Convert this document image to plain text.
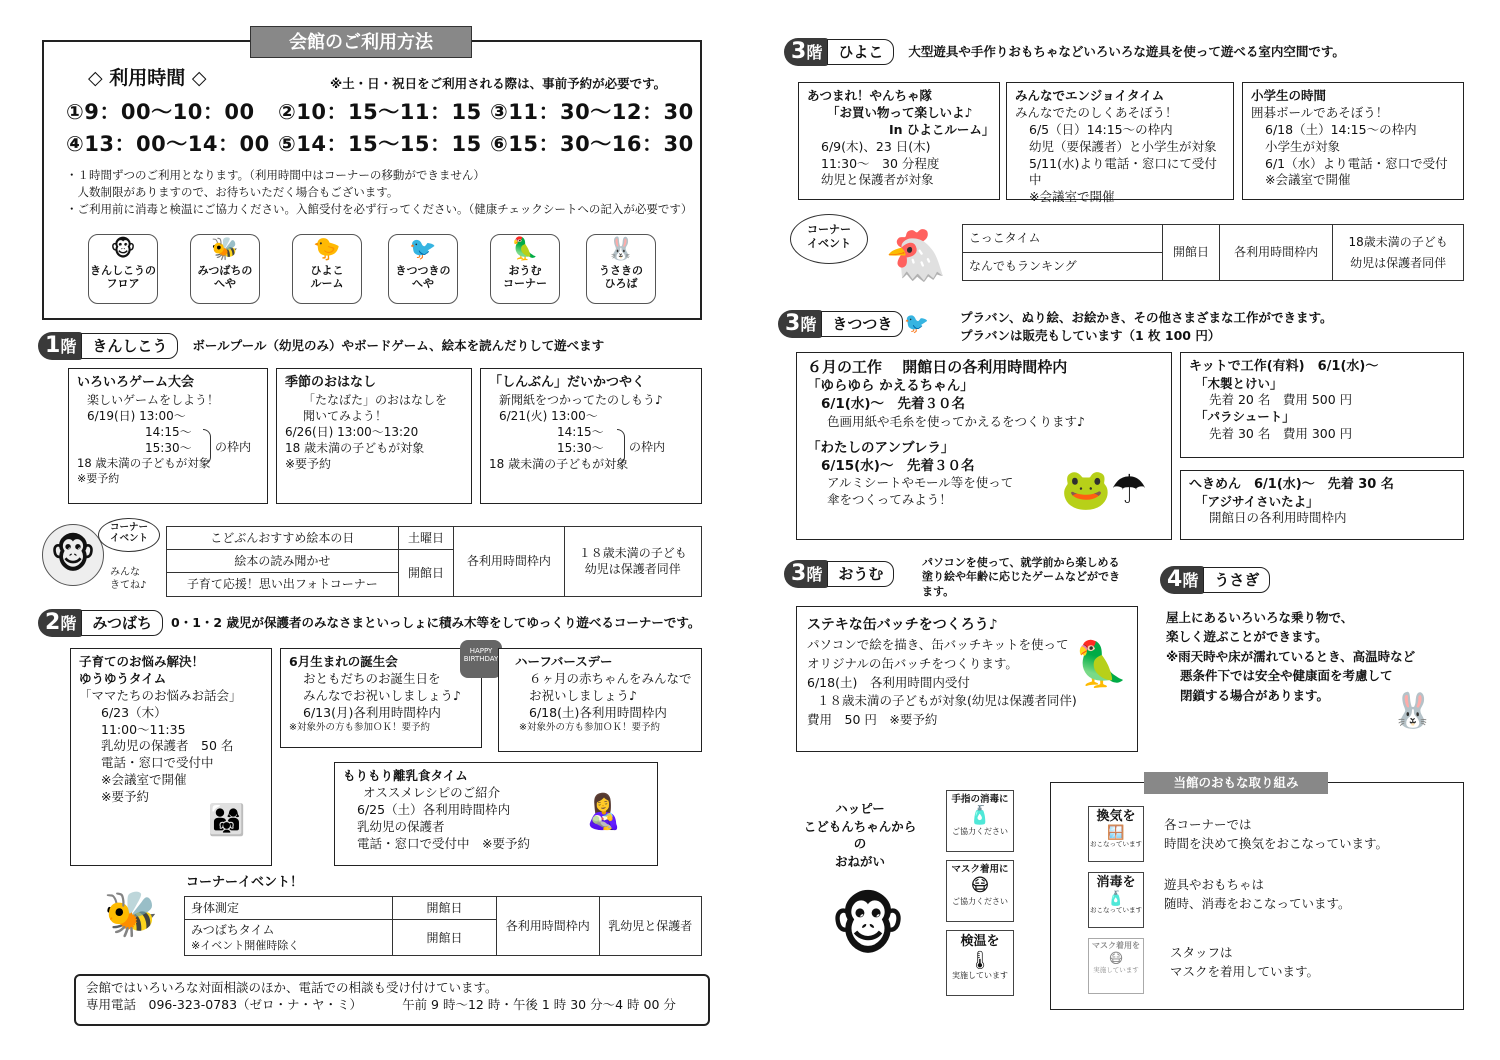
会館のご利用方法
◇ 利用時間 ◇	※土・日・祝日をご利用される際は、事前予約が必要です。
①9：00〜10：00 ②10：15〜11：15 ③11：30〜12：30
④13：00〜14：00 ⑤14：15〜15：15 ⑥15：30〜16：30
・１時間ずつのご利用となります。（利用時間中はコーナーの移動ができません）
　人数制限がありますので、お待ちいただく場合もございます。
・ご利用前に消毒と検温にご協力ください。入館受付を必ず行ってください。（健康チェックシートへの記入が必要です）
🐵
きんしこうの
フロア
🐝
みつばちの
へや
🐤
ひよこ
ルーム
🐦
きつつきの
へや
🦜
おうむ
コーナー
🐰
うさきの
ひろば
1階	きんしこう	ボールプール（幼児のみ）やボードゲーム、絵本を読んだりして遊べます
いろいろゲーム大会
楽しいゲームをしよう！
6/19(日) 13:00〜
14:15〜
15:30〜
18 歳未満の子どもが対象
※要予約
の枠内
季節のおはなし
「たなばた」のおはなしを
聞いてみよう！
6/26(日) 13:00〜13:20
18 歳未満の子どもが対象
※要予約
「しんぶん」だいかつやく
新聞紙をつかってたのしもう♪
6/21(火) 13:00〜
14:15〜
15:30〜
18 歳未満の子どもが対象
の枠内
🐵
コーナー
イベント
みんな
きてね♪
こどぶんおすすめ絵本の日	土曜日	各利用時間枠内	１８歳未満の子ども
幼児は保護者同伴
絵本の読み聞かせ	開館日		
子育て応援！思い出フォトコーナー			
2階	みつばち	0・1・2 歳児が保護者のみなさまといっしょに積み木等をしてゆっくり遊べるコーナーです。
子育てのお悩み解決！
ゆうゆうタイム
「ママたちのお悩みお話会」
6/23（木）
11:00〜11:35
乳幼児の保護者　50 名
電話・窓口で受付中
※会議室で開催
※要予約
👨‍👩‍👧
6月生まれの誕生会
おともだちのお誕生日を
みんなでお祝いしましょう♪
6/13(月)各利用時間枠内
※対象外の方も参加ＯＫ！要予約
HAPPY BIRTHDAY	ハーフバースデー
６ヶ月の赤ちゃんをみんなで
お祝いしましょう♪
6/18(土)各利用時間枠内
※対象外の方も参加ＯＫ！要予約
もりもり離乳食タイム
オススメレシピのご紹介
6/25（土）各利用時間枠内
乳幼児の保護者
電話・窓口で受付中　※要予約
👩‍🍼
🐝
コーナーイベント！
身体測定	開館日	各利用時間枠内	乳幼児と保護者
みつばちタイム
※イベント開催時除く	開館日		
会館ではいろいろな対面相談のほか、電話での相談も受け付けています。
専用電話　096-323-0783（ゼロ・ナ・ヤ・ミ）	午前 9 時〜12 時・午後 1 時 30 分〜4 時 00 分
3階	ひよこ	大型遊具や手作りおもちゃなどいろいろな遊具を使って遊べる室内空間です。
あつまれ！やんちゃ隊
「お買い物って楽しいよ♪
In ひよこルーム」
6/9(木)、23 日(木)
11:30〜　30 分程度
幼児と保護者が対象
みんなでエンジョイタイム
みんなでたのしくあそぼう！
6/5（日）14:15〜の枠内
幼児（要保護者）と小学生が対象
5/11(水)より電話・窓口にて受付中
※会議室で開催
小学生の時間
囲碁ボールであそぼう！
6/18（土）14:15〜の枠内
小学生が対象
6/1（水）より電話・窓口で受付
※会議室で開催
コーナー
イベント 🐔	こっこタイム	開館日	各利用時間枠内	18歳未満の子ども
幼児は保護者同伴
なんでもランキング
3階	きつつき 🐦 プラバン、ぬり絵、お絵かき、その他さまざまな工作ができます。
プラバンは販売もしています（1 枚 100 円）
６月の工作　 開館日の各利用時間枠内
「ゆらゆら かえるちゃん」
6/1(水)〜　先着３０名
色画用紙や毛糸を使ってかえるをつくります♪
「わたしのアンブレラ」
6/15(水)〜　先着３０名
アルミシートやモール等を使って
傘をつくってみよう！	🐸☂
キットで工作(有料)　6/1(水)〜
「木製とけい」
先着 20 名　費用 500 円
「パラシュート」
先着 30 名　費用 300 円
へきめん　6/1(水)〜　先着 30 名
「アジサイさいたよ」
開館日の各利用時間枠内
3階	おうむ
パソコンを使って、就学前から楽しめる
塗り絵や年齢に応じたゲームなどができ
ます。
ステキな缶バッチをつくろう♪
パソコンで絵を描き、缶バッチキットを使って
オリジナルの缶バッチをつくります。
6/18(土)　各利用時間内受付
１８歳未満の子どもが対象(幼児は保護者同伴)
費用　50 円　※要予約
🦜
4階	うさぎ
屋上にあるいろいろな乗り物で、
楽しく遊ぶことができます。
※雨天時や床が濡れているとき、高温時など
悪条件下では安全や健康面を考慮して
閉鎖する場合があります。	🐰
ハッピー
こどもんちゃんからの
おねがい
🐵
手指の消毒に
🧴
ご協力ください
マスク着用に
😷
ご協力ください
検温を
🌡
実施しています
当館のおもな取り組み
換気を
🪟
おこなっています
各コーナーでは
時間を決めて換気をおこなっています。
消毒を
🧴
おこなっています
遊具やおもちゃは
随時、消毒をおこなっています。
マスク着用を
😷
実施しています
スタッフは
マスクを着用しています。
